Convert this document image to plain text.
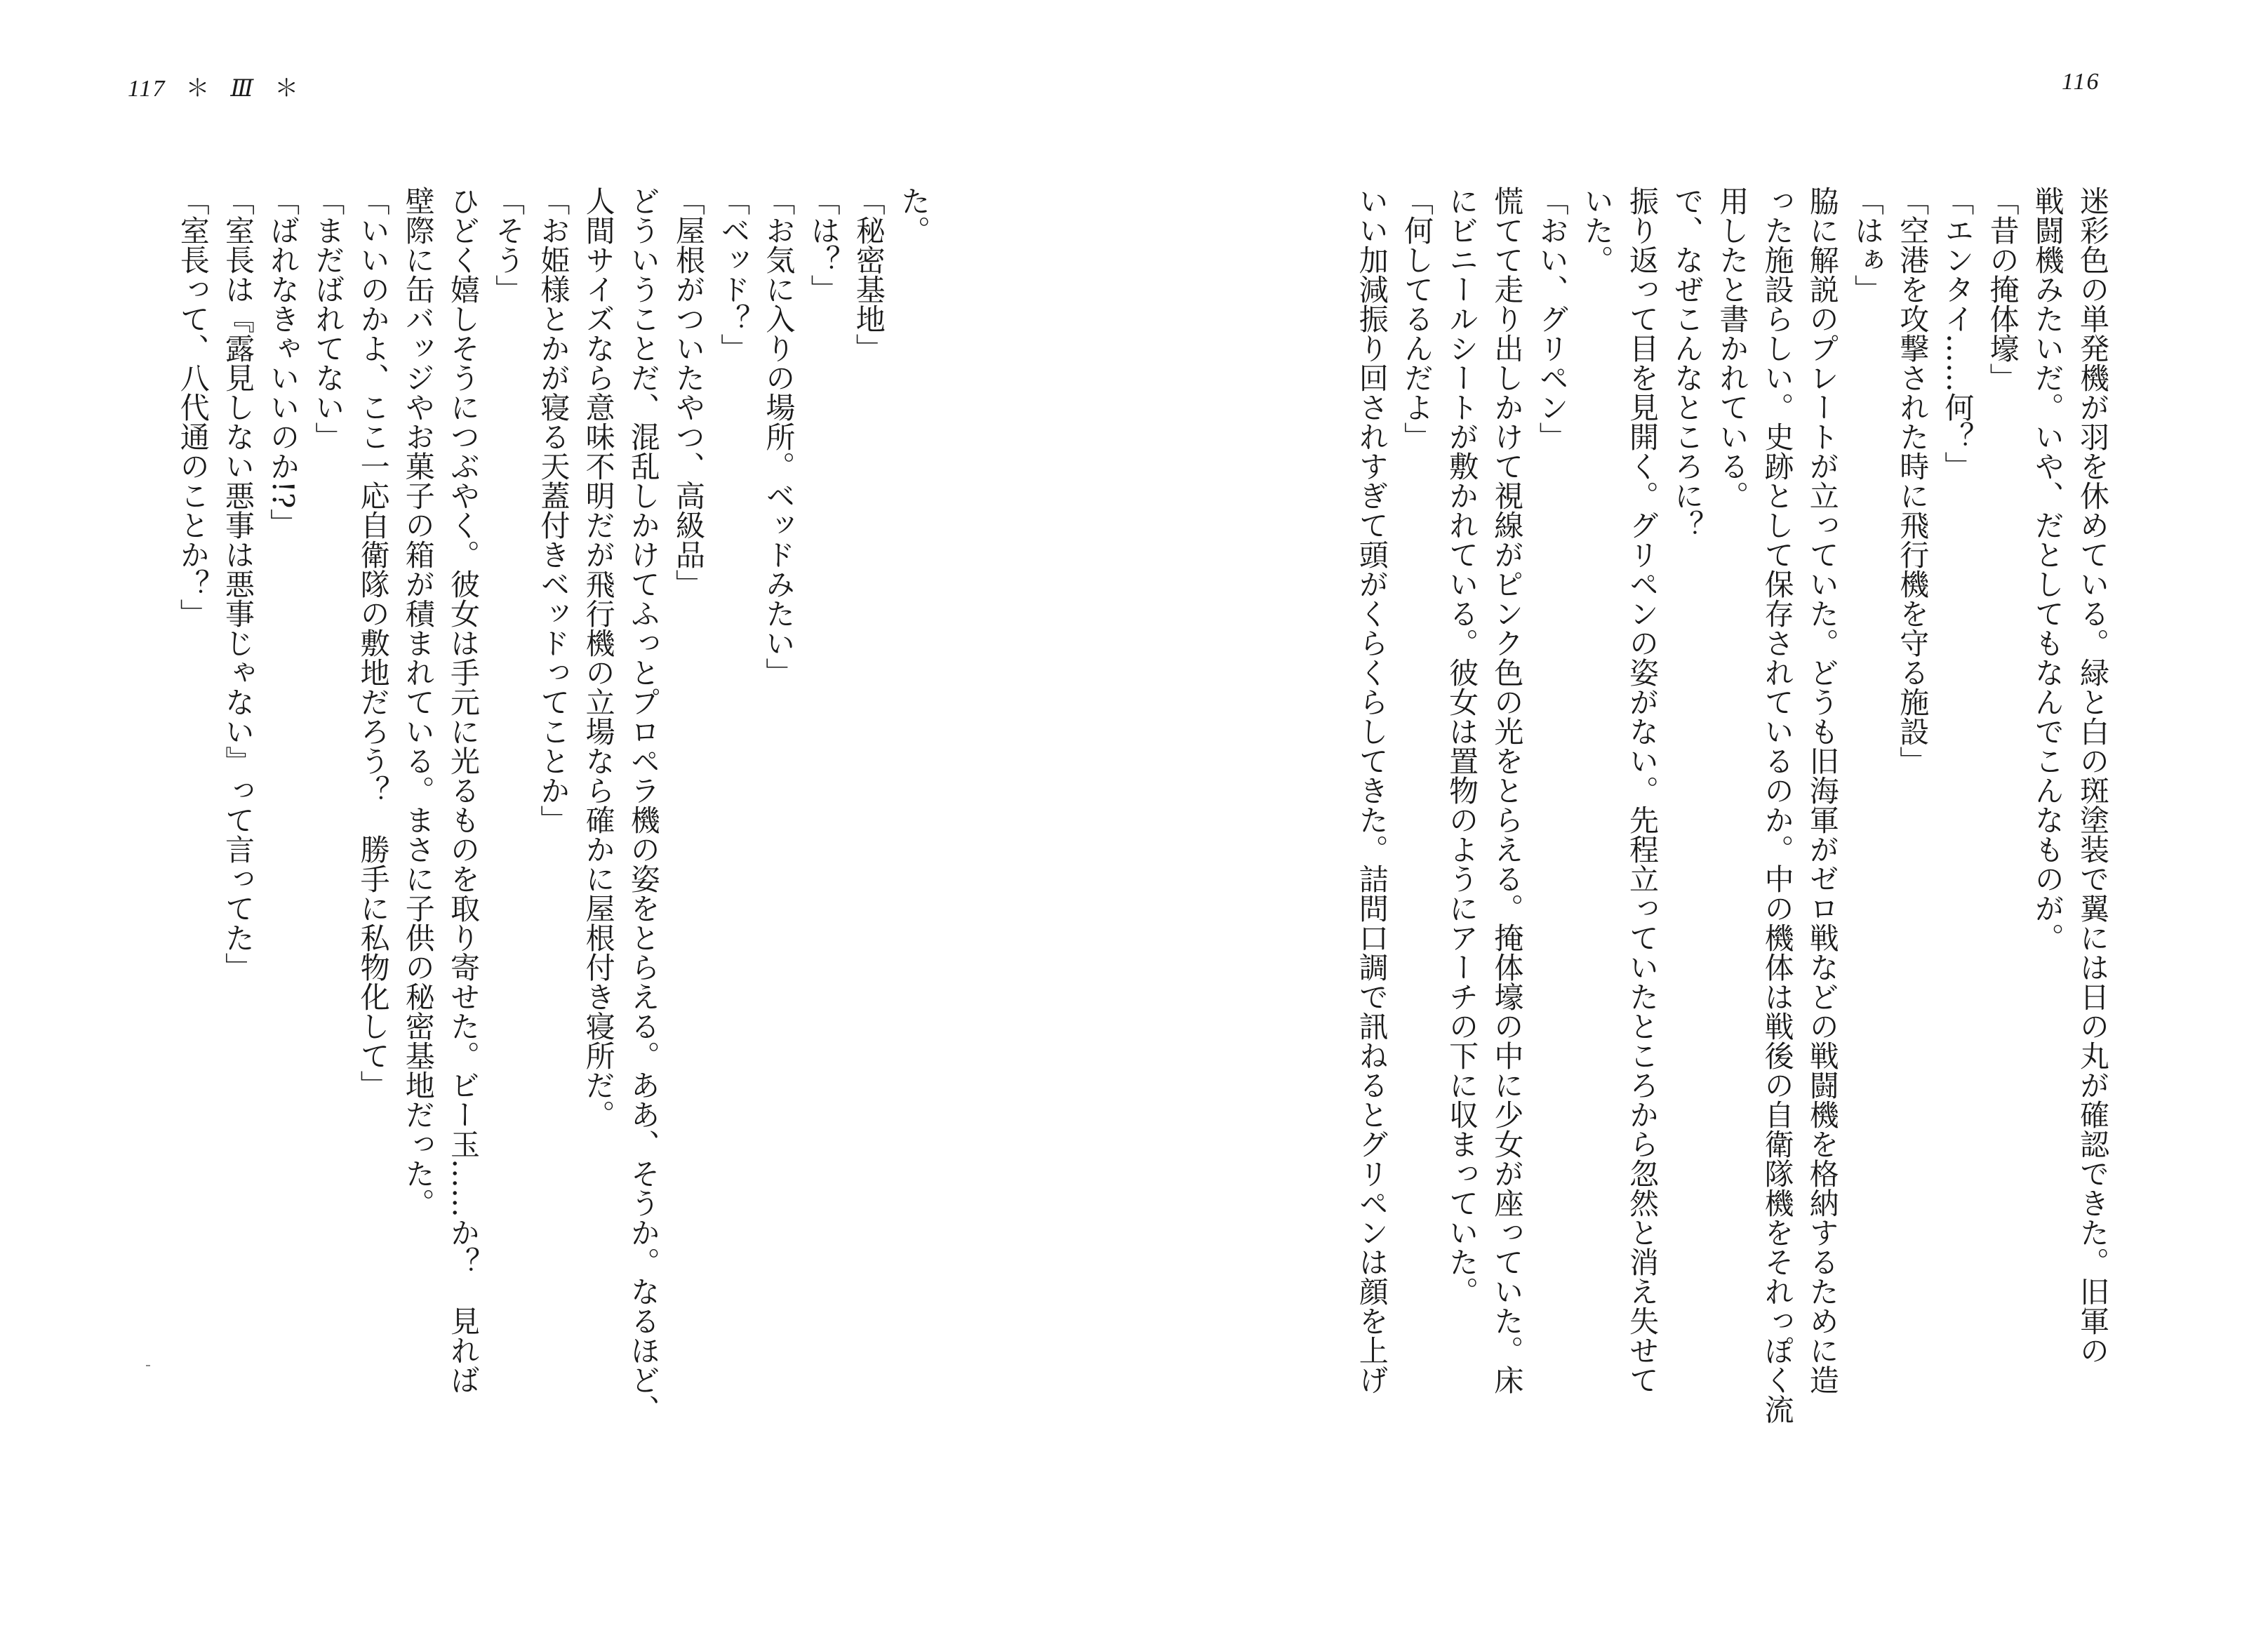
117 ＊ Ⅲ ＊	116
迷彩色の単発機が羽を休めている。緑と白の斑塗装で翼には日の丸が確認できた。旧軍の
戦闘機みたいだ。いや、だとしてもなんでこんなものが。
「昔の掩体壕」
「エンタイ……何？」
「空港を攻撃された時に飛行機を守る施設」
「はぁ」
脇に解説のプレートが立っていた。どうも旧海軍がゼロ戦などの戦闘機を格納するために造
った施設らしい。史跡として保存されているのか。中の機体は戦後の自衛隊機をそれっぽく流
用したと書かれている。
で、なぜこんなところに？
振り返って目を見開く。グリペンの姿がない。先程立っていたところから忽然と消え失せて
いた。
「おい、グリペン」
慌てて走り出しかけて視線がピンク色の光をとらえる。掩体壕の中に少女が座っていた。床
にビニールシートが敷かれている。彼女は置物のようにアーチの下に収まっていた。
「何してるんだよ」
いい加減振り回されすぎて頭がくらくらしてきた。詰問口調で訊ねるとグリペンは顔を上げ
た。
「秘密基地」
「は？」
「お気に入りの場所。ベッドみたい」
「ベッド？」
「屋根がついたやつ、高級品」
どういうことだ、混乱しかけてふっとプロペラ機の姿をとらえる。ああ、そうか。なるほど、
人間サイズなら意味不明だが飛行機の立場なら確かに屋根付き寝所だ。
「お姫様とかが寝る天蓋付きベッドってことか」
「そう」
ひどく嬉しそうにつぶやく。彼女は手元に光るものを取り寄せた。ビー玉……か？　見れば
壁際に缶バッジやお菓子の箱が積まれている。まさに子供の秘密基地だった。
「いいのかよ、ここ一応自衛隊の敷地だろう？　勝手に私物化して」
「まだばれてない」
「ばれなきゃいいのか!?」
「室長は『露見しない悪事は悪事じゃない』って言ってた」
「室長って、八代通のことか？」
